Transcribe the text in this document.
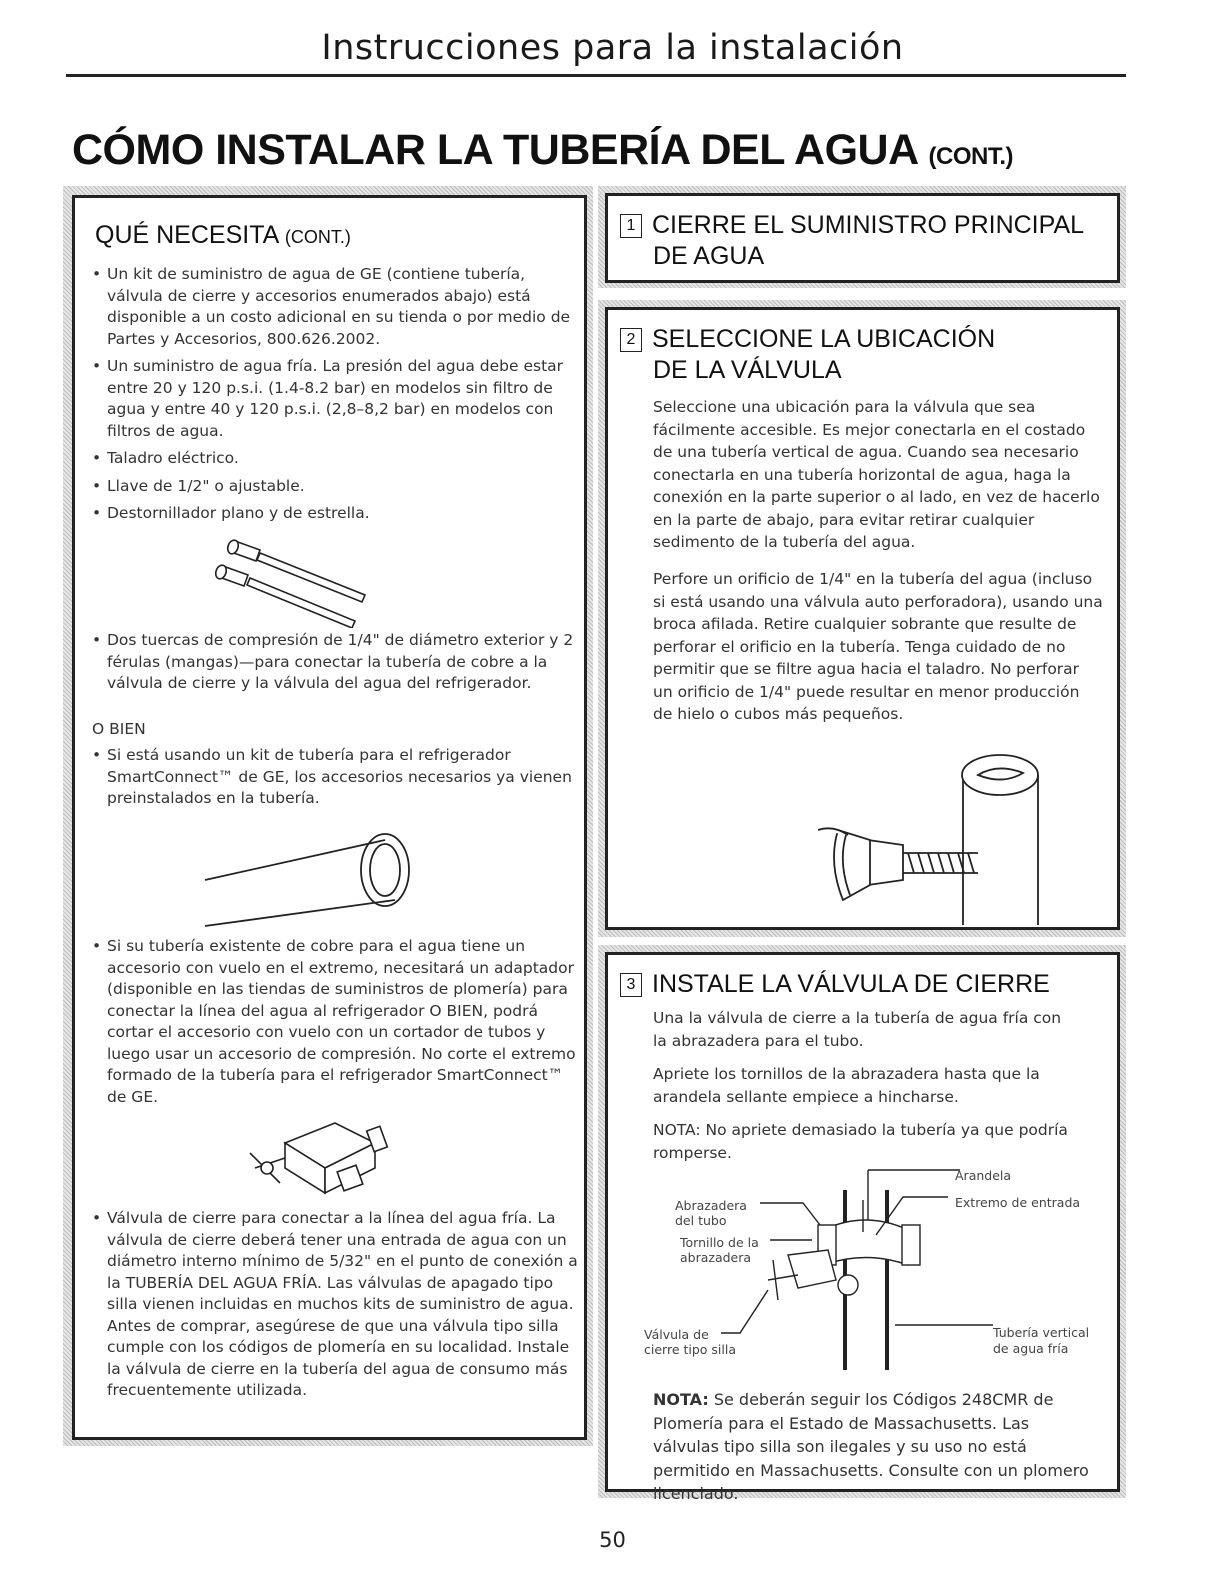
Instrucciones para la instalación
CÓMO INSTALAR LA TUBERÍA DEL AGUA (CONT.)
QUÉ NECESITA (CONT.)
• Un kit de suministro de agua de GE (contiene tubería, válvula de cierre y accesorios enumerados abajo) está disponible a un costo adicional en su tienda o por medio de Partes y Accesorios, 800.626.2002.
• Un suministro de agua fría. La presión del agua debe estar entre 20 y 120 p.s.i. (1.4-8.2 bar) en modelos sin filtro de agua y entre 40 y 120 p.s.i. (2,8–8,2 bar) en modelos con filtros de agua.
• Taladro eléctrico.
• Llave de 1/2" o ajustable.
• Destornillador plano y de estrella.
• Dos tuercas de compresión de 1/4" de diámetro exterior y 2 férulas (mangas)—para conectar la tubería de cobre a la válvula de cierre y la válvula del agua del refrigerador.
O BIEN
• Si está usando un kit de tubería para el refrigerador SmartConnect™ de GE, los accesorios necesarios ya vienen preinstalados en la tubería.
• Si su tubería existente de cobre para el agua tiene un accesorio con vuelo en el extremo, necesitará un adaptador (disponible en las tiendas de suministros de plomería) para conectar la línea del agua al refrigerador O BIEN, podrá cortar el accesorio con vuelo con un cortador de tubos y luego usar un accesorio de compresión. No corte el extremo formado de la tubería para el refrigerador SmartConnect™ de GE.
• Válvula de cierre para conectar a la línea del agua fría. La válvula de cierre deberá tener una entrada de agua con un diámetro interno mínimo de 5/32" en el punto de conexión a la TUBERÍA DEL AGUA FRÍA. Las válvulas de apagado tipo silla vienen incluidas en muchos kits de suministro de agua. Antes de comprar, asegúrese de que una válvula tipo silla cumple con los códigos de plomería en su localidad. Instale la válvula de cierre en la tubería del agua de consumo más frecuentemente utilizada.
1 CIERRE EL SUMINISTRO PRINCIPAL
DE AGUA
2 SELECCIONE LA UBICACIÓN
DE LA VÁLVULA

Seleccione una ubicación para la válvula que sea fácilmente accesible. Es mejor conectarla en el costado de una tubería vertical de agua. Cuando sea necesario conectarla en una tubería horizontal de agua, haga la conexión en la parte superior o al lado, en vez de hacerlo en la parte de abajo, para evitar retirar cualquier sedimento de la tubería del agua.

Perfore un orificio de 1/4" en la tubería del agua (incluso si está usando una válvula auto perforadora), usando una broca afilada. Retire cualquier sobrante que resulte de perforar el orificio en la tubería. Tenga cuidado de no permitir que se filtre agua hacia el taladro. No perforar un orificio de 1/4" puede resultar en menor producción de hielo o cubos más pequeños.

3 INSTALE LA VÁLVULA DE CIERRE

Una la válvula de cierre a la tubería de agua fría con la abrazadera para el tubo.

Apriete los tornillos de la abrazadera hasta que la arandela sellante empiece a hincharse.

NOTA: No apriete demasiado la tubería ya que podría romperse.

Arandela
Extremo de entrada
Abrazadera
del tubo
Tornillo de la
abrazadera
Válvula de
cierre tipo silla
Tubería vertical
de agua fría

NOTA: Se deberán seguir los Códigos 248CMR de Plomería para el Estado de Massachusetts. Las válvulas tipo silla son ilegales y su uso no está permitido en Massachusetts. Consulte con un plomero licenciado.

50
